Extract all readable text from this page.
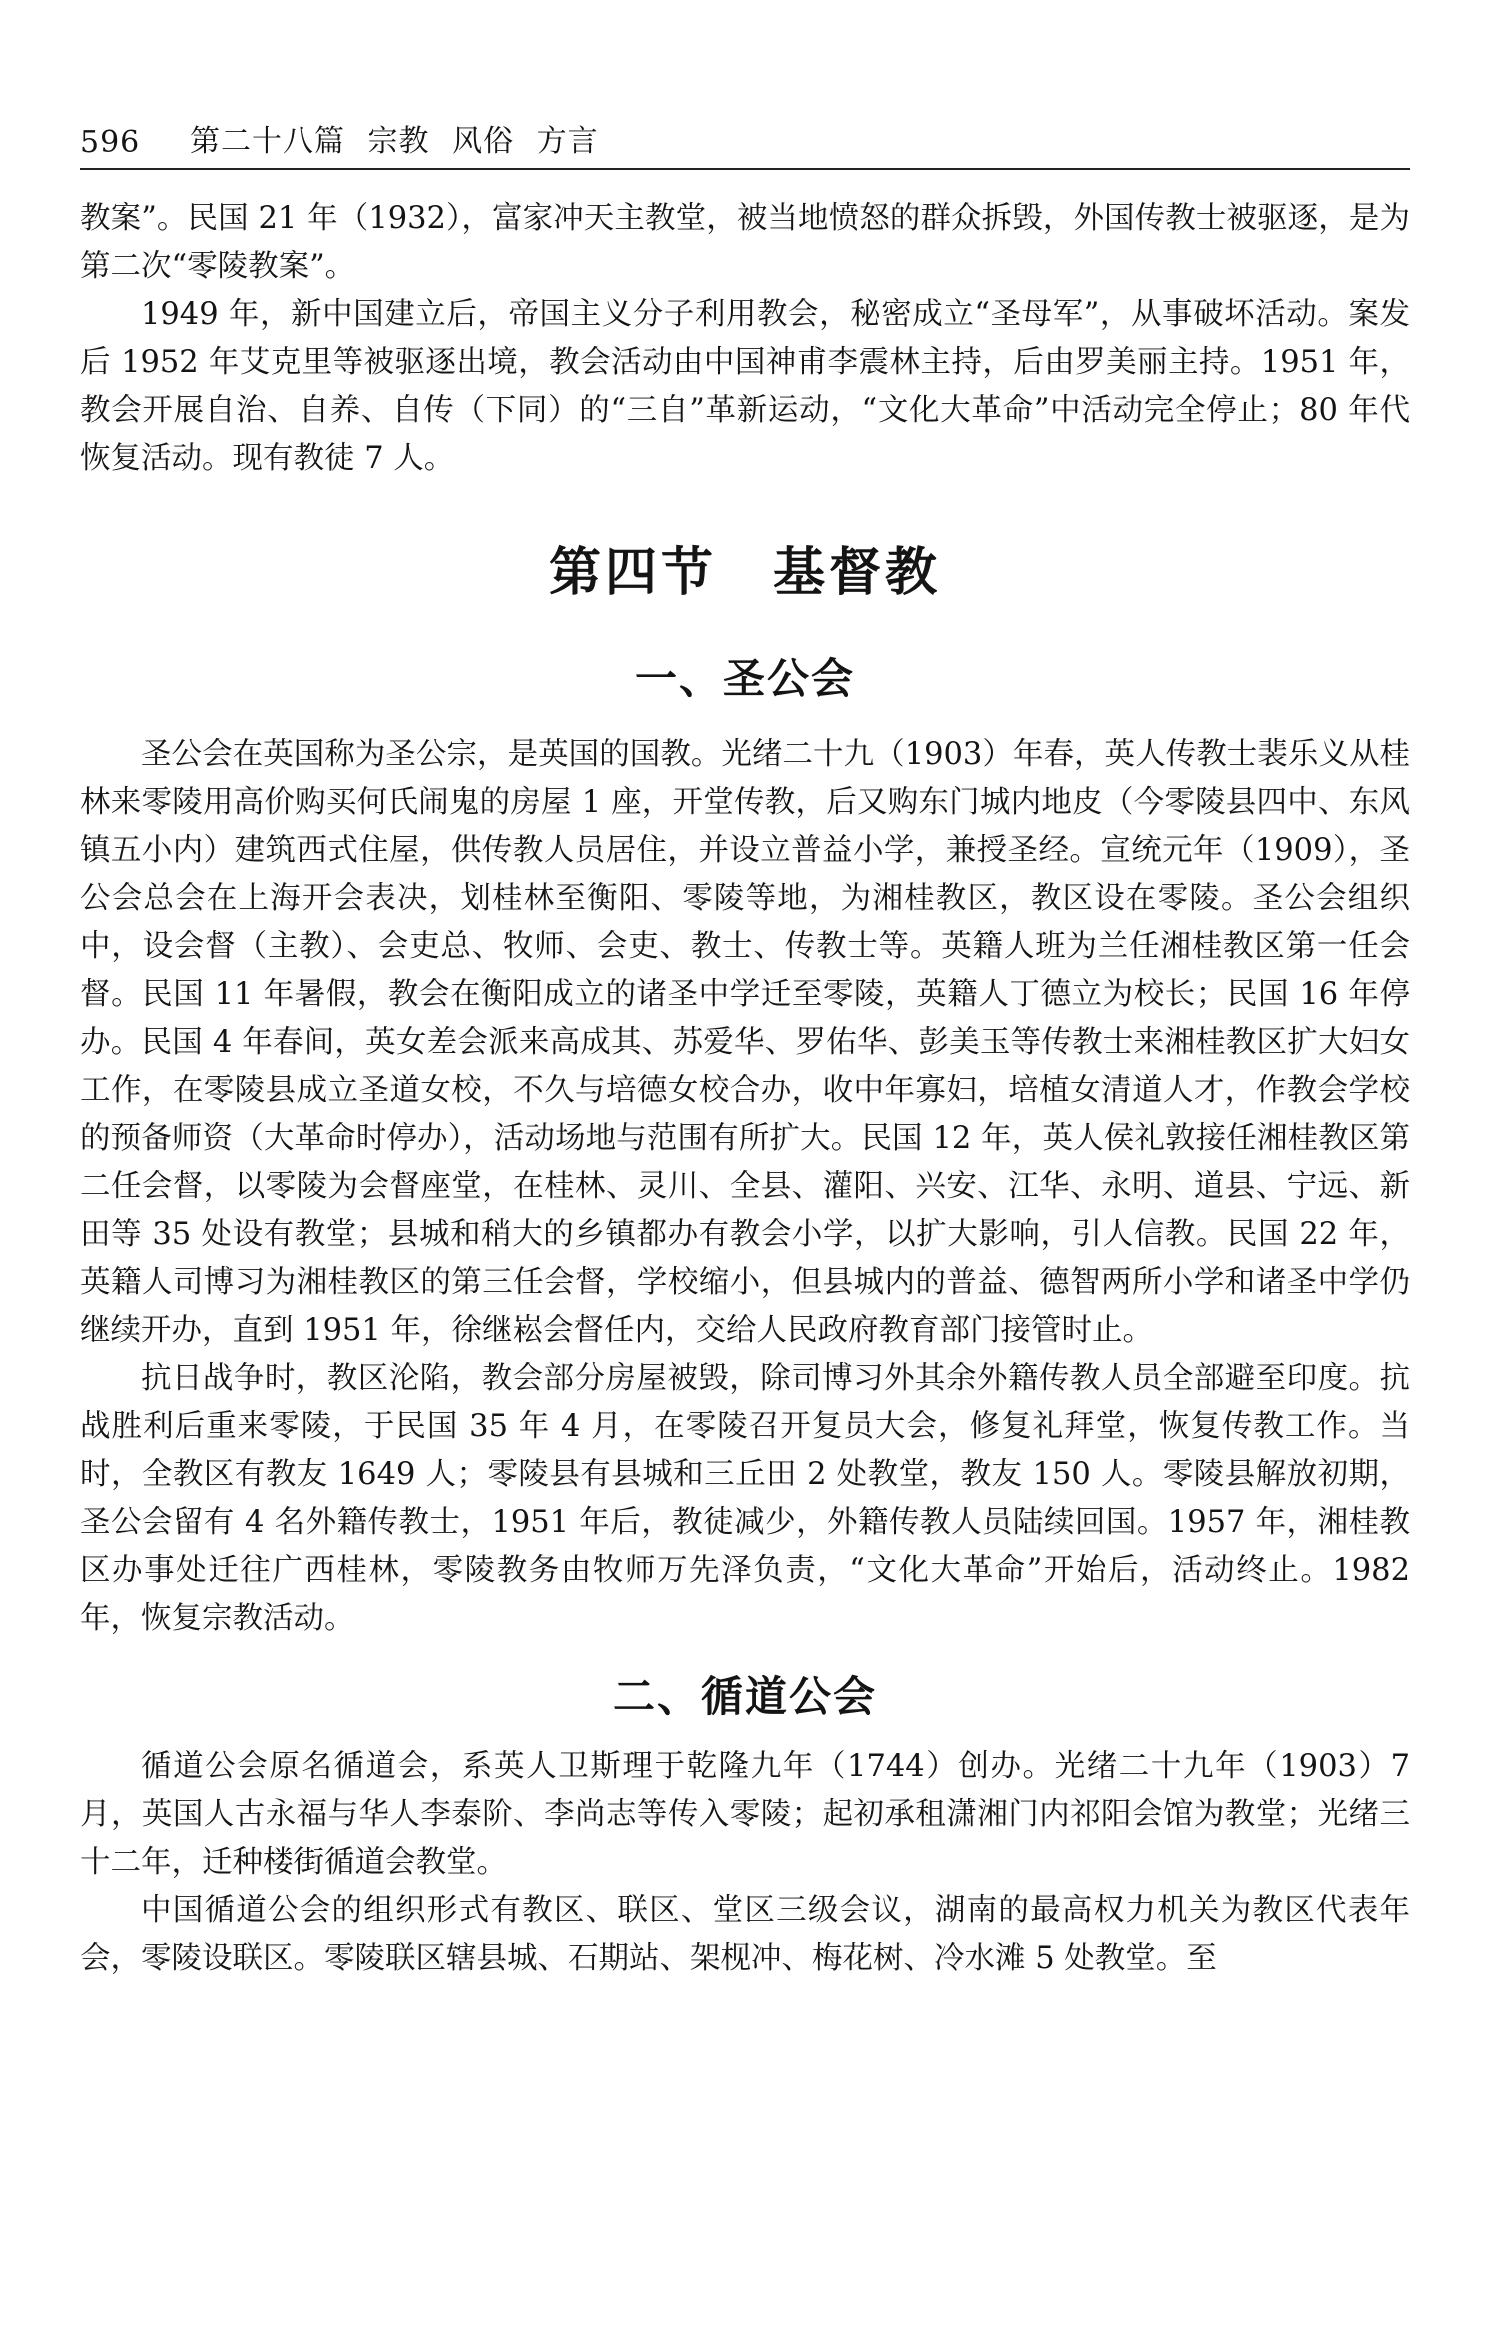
596	第二十八篇 宗教 风俗 方言

教案”。民国 21 年（1932），富家冲天主教堂，被当地愤怒的群众拆毁，外国传教士被驱逐，是为第二次“零陵教案”。

1949 年，新中国建立后，帝国主义分子利用教会，秘密成立“圣母军”，从事破坏活动。案发后 1952 年艾克里等被驱逐出境，教会活动由中国神甫李震林主持，后由罗美丽主持。1951 年，教会开展自治、自养、自传（下同）的“三自”革新运动，“文化大革命”中活动完全停止；80 年代恢复活动。现有教徒 7 人。

第四节　基督教
一、圣公会

圣公会在英国称为圣公宗，是英国的国教。光绪二十九（1903）年春，英人传教士裴乐义从桂林来零陵用高价购买何氏闹鬼的房屋 1 座，开堂传教，后又购东门城内地皮（今零陵县四中、东风镇五小内）建筑西式住屋，供传教人员居住，并设立普益小学，兼授圣经。宣统元年（1909），圣公会总会在上海开会表决，划桂林至衡阳、零陵等地，为湘桂教区，教区设在零陵。圣公会组织中，设会督（主教）、会吏总、牧师、会吏、教士、传教士等。英籍人班为兰任湘桂教区第一任会督。民国 11 年暑假，教会在衡阳成立的诸圣中学迁至零陵，英籍人丁德立为校长；民国 16 年停办。民国 4 年春间，英女差会派来高成其、苏爱华、罗佑华、彭美玉等传教士来湘桂教区扩大妇女工作，在零陵县成立圣道女校，不久与培德女校合办，收中年寡妇，培植女清道人才，作教会学校的预备师资（大革命时停办），活动场地与范围有所扩大。民国 12 年，英人侯礼敦接任湘桂教区第二任会督，以零陵为会督座堂，在桂林、灵川、全县、灌阳、兴安、江华、永明、道县、宁远、新田等 35 处设有教堂；县城和稍大的乡镇都办有教会小学，以扩大影响，引人信教。民国 22 年，英籍人司博习为湘桂教区的第三任会督，学校缩小，但县城内的普益、德智两所小学和诸圣中学仍继续开办，直到 1951 年，徐继崧会督任内，交给人民政府教育部门接管时止。

抗日战争时，教区沦陷，教会部分房屋被毁，除司博习外其余外籍传教人员全部避至印度。抗战胜利后重来零陵，于民国 35 年 4 月，在零陵召开复员大会，修复礼拜堂，恢复传教工作。当时，全教区有教友 1649 人；零陵县有县城和三丘田 2 处教堂，教友 150 人。零陵县解放初期，圣公会留有 4 名外籍传教士，1951 年后，教徒减少，外籍传教人员陆续回国。1957 年，湘桂教区办事处迁往广西桂林，零陵教务由牧师万先泽负责，“文化大革命”开始后，活动终止。1982 年，恢复宗教活动。

二、循道公会

循道公会原名循道会，系英人卫斯理于乾隆九年（1744）创办。光绪二十九年（1903）7 月，英国人古永福与华人李泰阶、李尚志等传入零陵；起初承租潇湘门内祁阳会馆为教堂；光绪三十二年，迁种楼街循道会教堂。

中国循道公会的组织形式有教区、联区、堂区三级会议，湖南的最高权力机关为教区代表年会，零陵设联区。零陵联区辖县城、石期站、架枧冲、梅花树、冷水滩 5 处教堂。至
